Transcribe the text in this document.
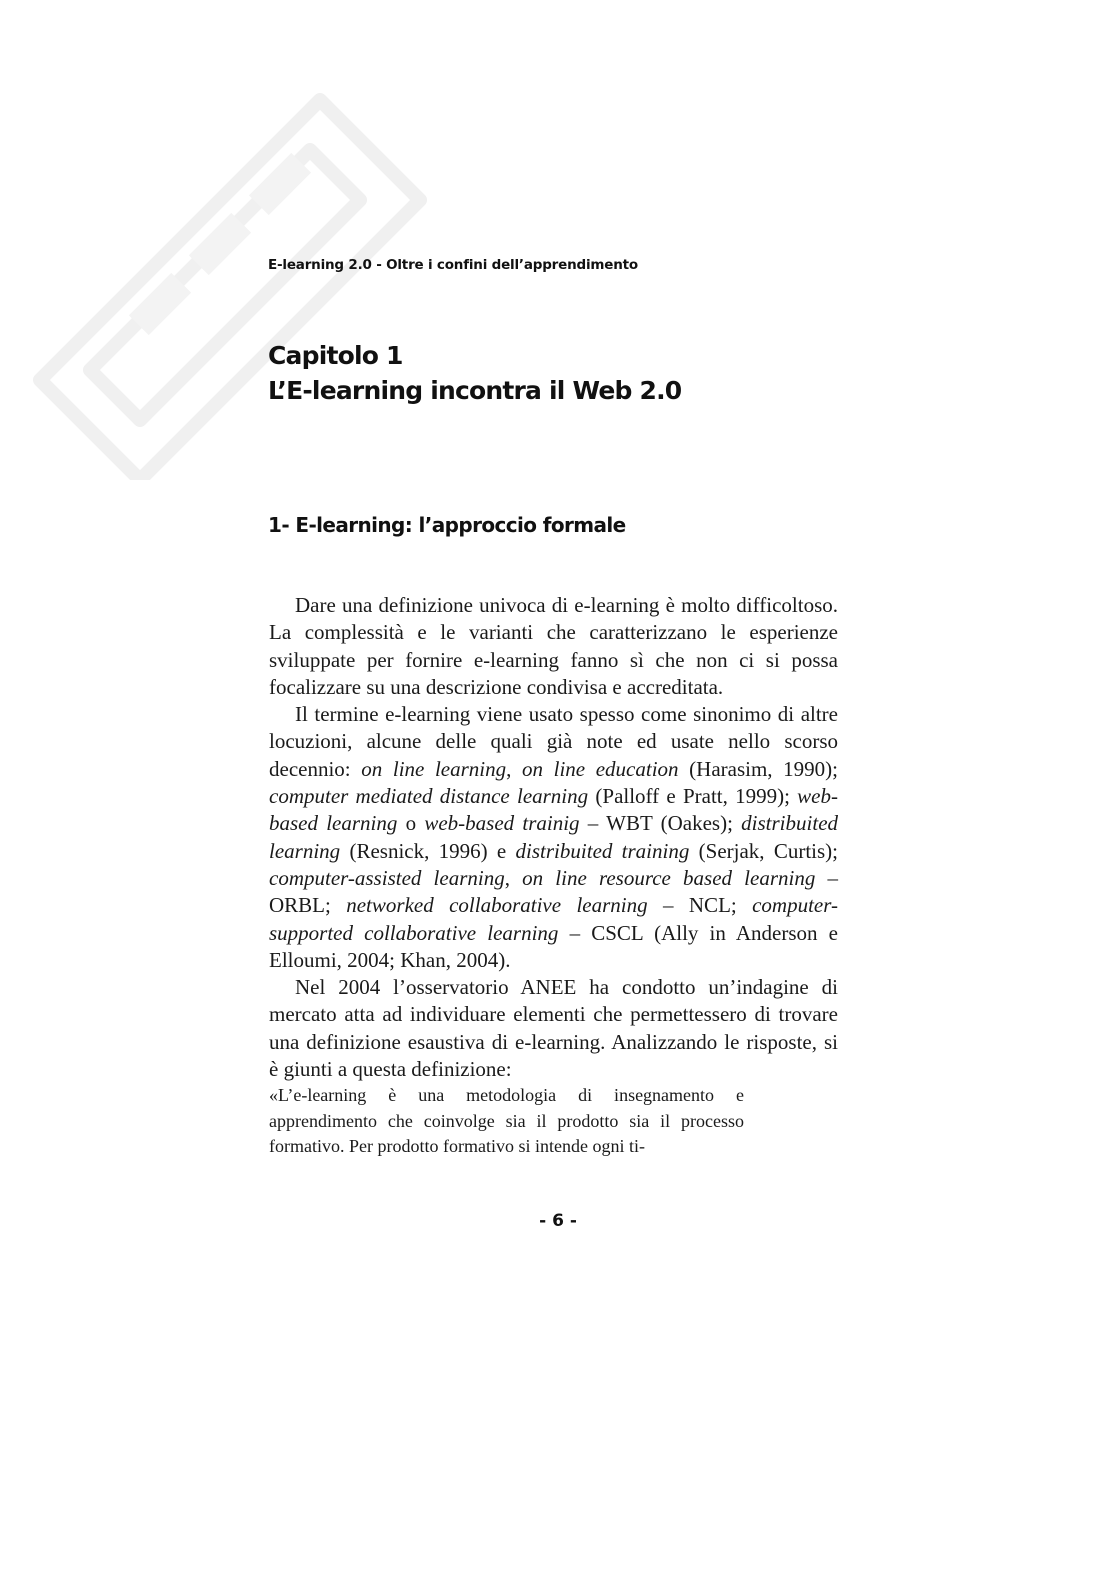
E-learning 2.0 - Oltre i confini dell’apprendimento
Capitolo 1
L’E-learning incontra il Web 2.0
1- E-learning: l’approccio formale

Dare una definizione univoca di e-learning è molto difficoltoso. La complessità e le varianti che caratterizzano le esperienze sviluppate per fornire e-learning fanno sì che non ci si possa focalizzare su una descrizione condivisa e accreditata.

Il termine e-learning viene usato spesso come sinonimo di altre locuzioni, alcune delle quali già note ed usate nello scorso decennio: on line learning, on line education (Harasim, 1990); computer mediated distance learning (Palloff e Pratt, 1999); web-based learning o web-based trainig – WBT (Oakes); distribuited learning (Resnick, 1996) e distribuited training (Serjak, Curtis); computer-assisted learning, on line resource based learning – ORBL; networked collaborative learning – NCL; computer-supported collaborative learning – CSCL (Ally in Anderson e Elloumi, 2004; Khan, 2004).

Nel 2004 l’osservatorio ANEE ha condotto un’indagine di mercato atta ad individuare elementi che permettessero di trovare una definizione esaustiva di e-learning. Analizzando le risposte, si è giunti a questa definizione:

«L’e-learning è una metodologia di insegnamento e apprendimento che coinvolge sia il prodotto sia il processo formativo. Per prodotto formativo si intende ogni ti-

- 6 -
